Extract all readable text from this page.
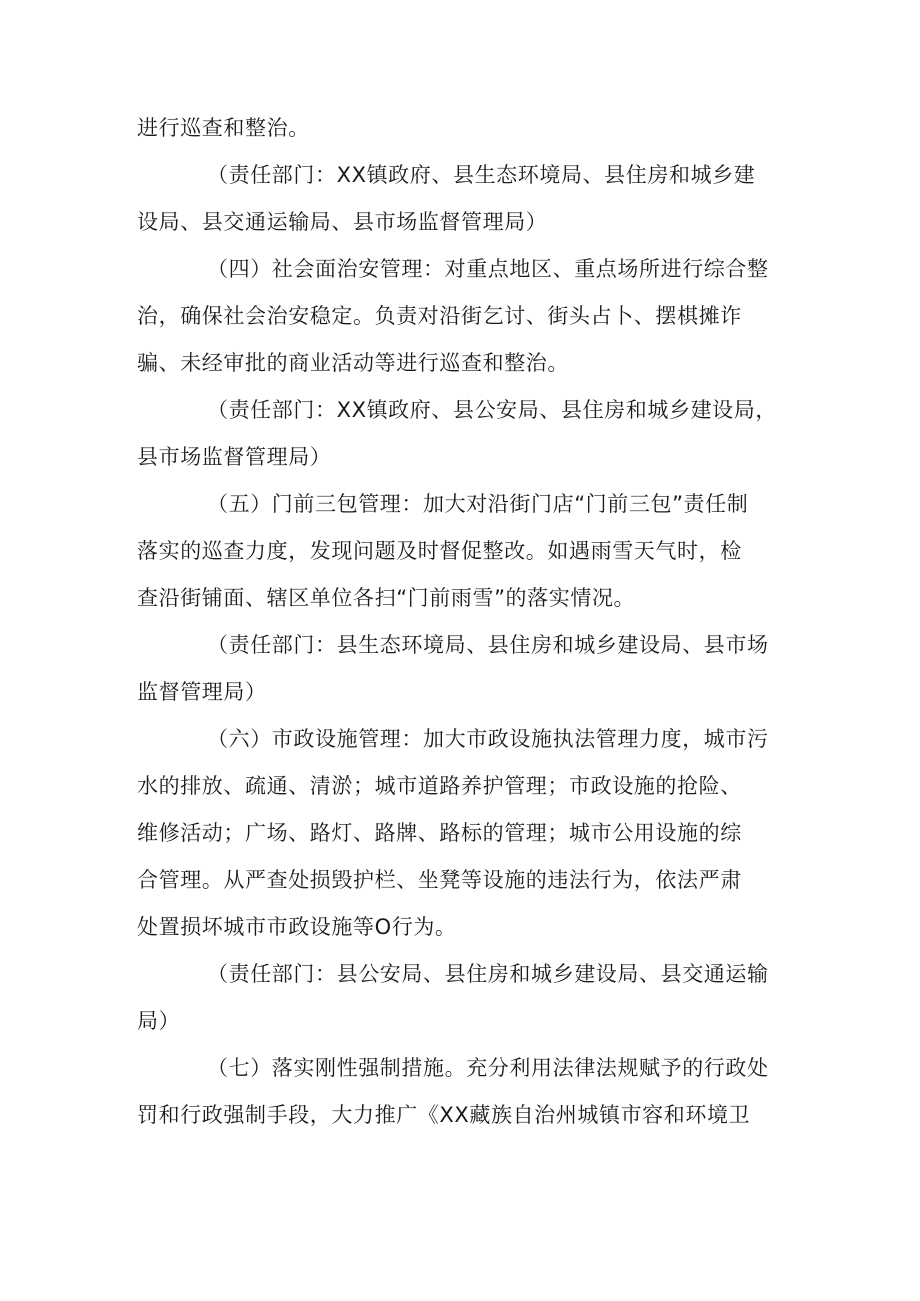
进行巡查和整治。
（责任部门：XX镇政府、县生态环境局、县住房和城乡建
设局、县交通运输局、县市场监督管理局）
（四）社会面治安管理：对重点地区、重点场所进行综合整
治，确保社会治安稳定。负责对沿街乞讨、街头占卜、摆棋摊诈
骗、未经审批的商业活动等进行巡查和整治。
（责任部门：XX镇政府、县公安局、县住房和城乡建设局，
县市场监督管理局）
（五）门前三包管理：加大对沿街门店“门前三包”责任制
落实的巡查力度，发现问题及时督促整改。如遇雨雪天气时，检
查沿街铺面、辖区单位各扫“门前雨雪”的落实情况。
（责任部门：县生态环境局、县住房和城乡建设局、县市场
监督管理局）
（六）市政设施管理：加大市政设施执法管理力度，城市污
水的排放、疏通、清淤；城市道路养护管理；市政设施的抢险、
维修活动；广场、路灯、路牌、路标的管理；城市公用设施的综
合管理。从严查处损毁护栏、坐凳等设施的违法行为，依法严肃
处置损坏城市市政设施等O行为。
（责任部门：县公安局、县住房和城乡建设局、县交通运输
局）
（七）落实刚性强制措施。充分利用法律法规赋予的行政处
罚和行政强制手段，大力推广《XX藏族自治州城镇市容和环境卫
